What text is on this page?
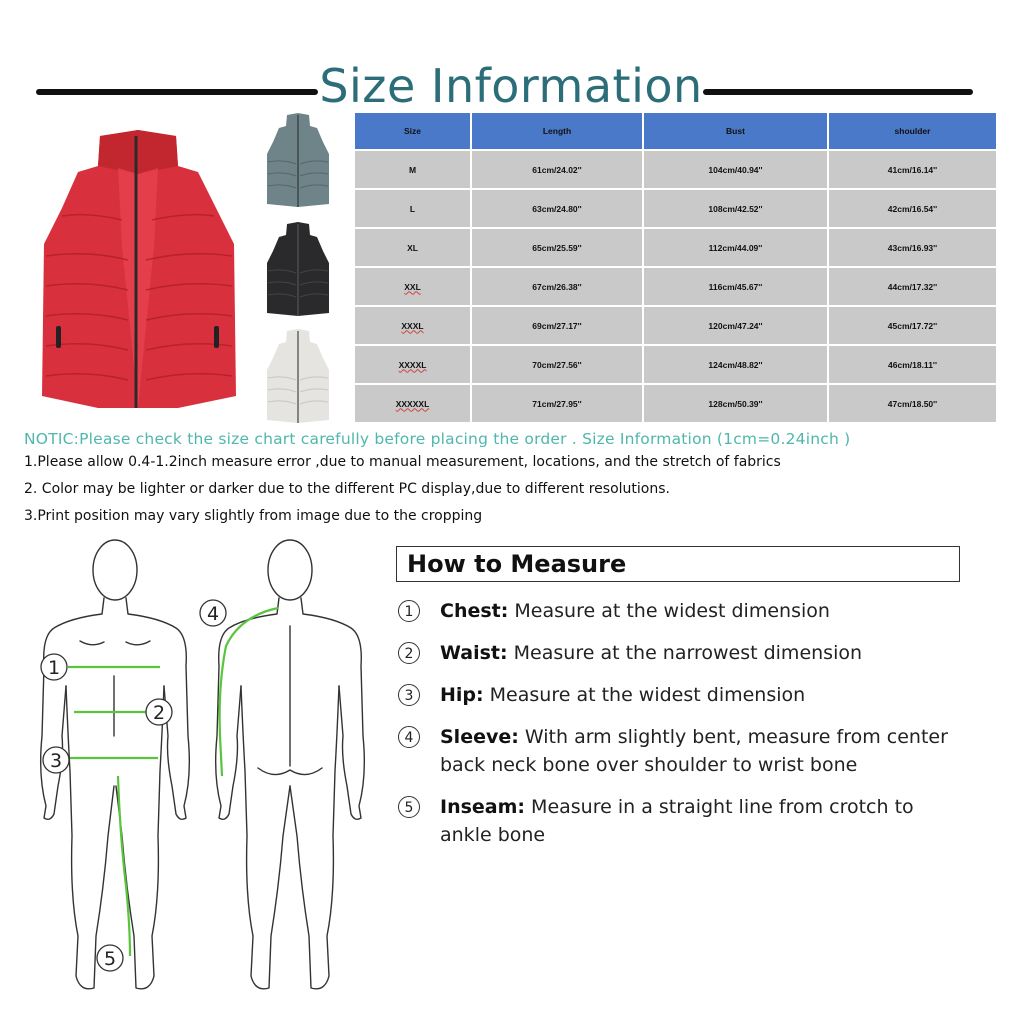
Size Information
Size	Length	Bust	shoulder
M	61cm/24.02''	104cm/40.94''	41cm/16.14''
L	63cm/24.80''	108cm/42.52''	42cm/16.54''
XL	65cm/25.59''	112cm/44.09''	43cm/16.93''
XXL	67cm/26.38''	116cm/45.67''	44cm/17.32''
XXXL	69cm/27.17''	120cm/47.24''	45cm/17.72''
XXXXL	70cm/27.56''	124cm/48.82''	46cm/18.11''
XXXXXL	71cm/27.95''	128cm/50.39''	47cm/18.50''
NOTIC:Please check the size chart carefully before placing the order . Size Information (1cm=0.24inch )
1.Please allow 0.4-1.2inch measure error ,due to manual measurement, locations, and the stretch of fabrics
2. Color may be lighter or darker due to the different PC display,due to different resolutions.
3.Print position may vary slightly from image due to the cropping
1
2
3
4
5
How to Measure
1	Chest: Measure at the widest dimension
2	Waist: Measure at the narrowest dimension
3	Hip: Measure at the widest dimension
4	Sleeve: With arm slightly bent, measure from center back neck bone over shoulder to wrist bone
5	Inseam: Measure in a straight line from crotch to ankle bone
